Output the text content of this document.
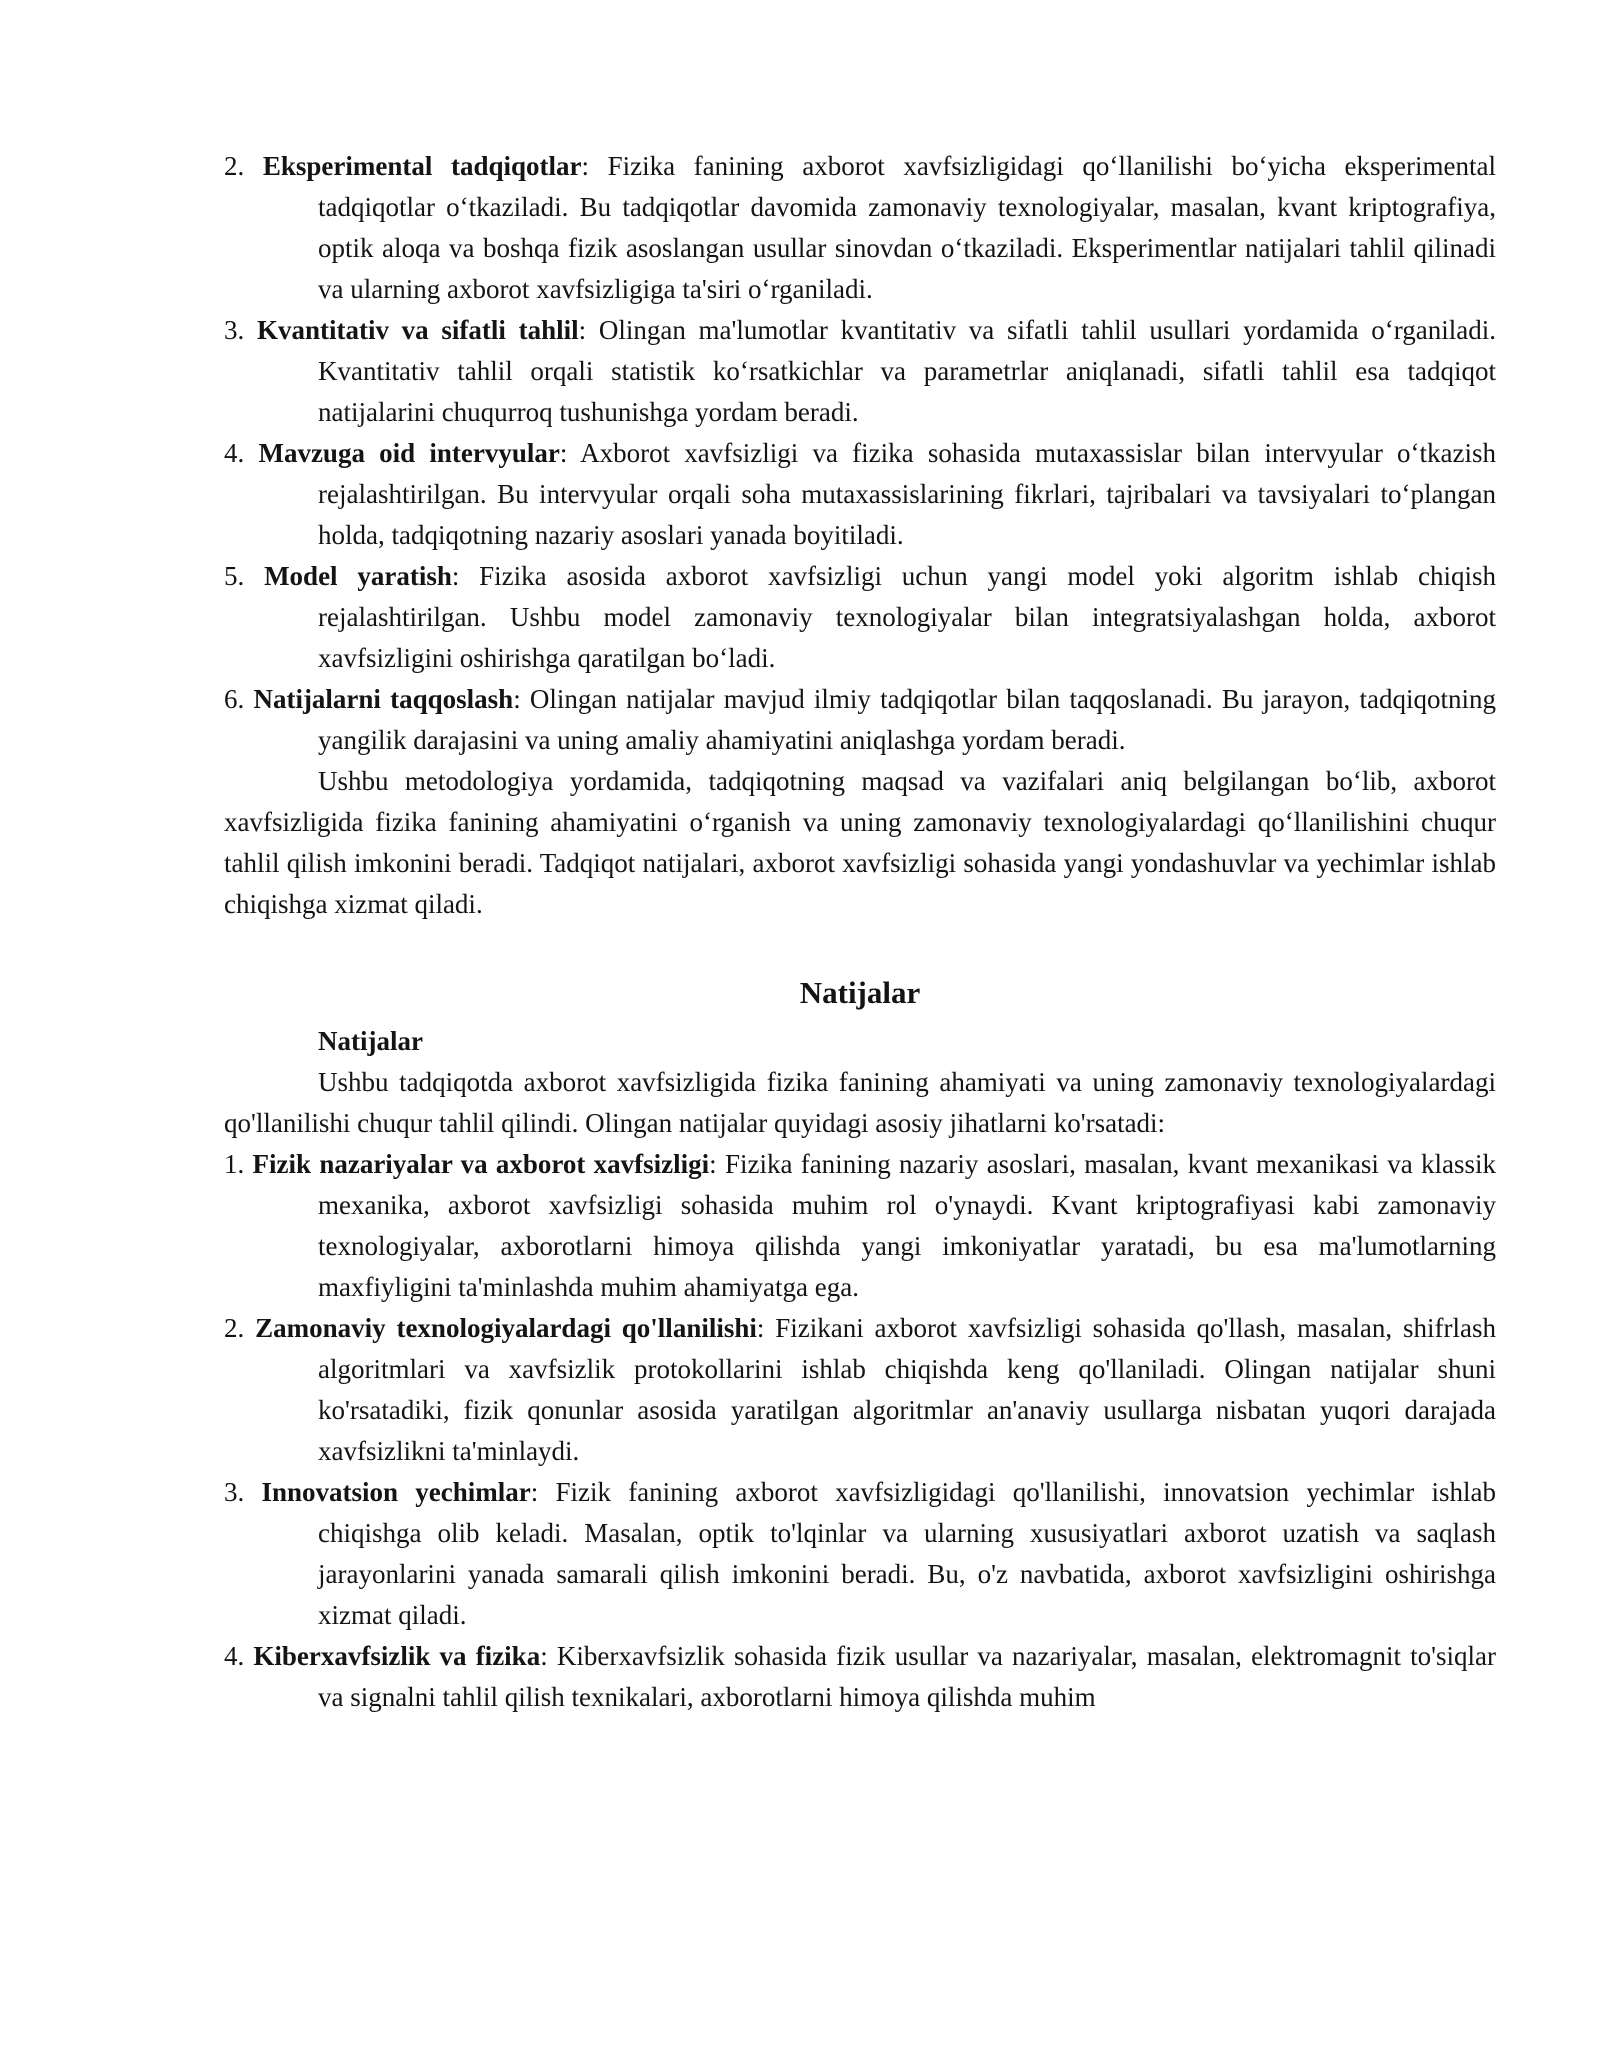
2. Eksperimental tadqiqotlar: Fizika fanining axborot xavfsizligidagi qo‘llanilishi bo‘yicha eksperimental tadqiqotlar o‘tkaziladi. Bu tadqiqotlar davomida zamonaviy texnologiyalar, masalan, kvant kriptografiya, optik aloqa va boshqa fizik asoslangan usullar sinovdan o‘tkaziladi. Eksperimentlar natijalari tahlil qilinadi va ularning axborot xavfsizligiga ta'siri o‘rganiladi.
3. Kvantitativ va sifatli tahlil: Olingan ma'lumotlar kvantitativ va sifatli tahlil usullari yordamida o‘rganiladi. Kvantitativ tahlil orqali statistik ko‘rsatkichlar va parametrlar aniqlanadi, sifatli tahlil esa tadqiqot natijalarini chuqurroq tushunishga yordam beradi.
4. Mavzuga oid intervyular: Axborot xavfsizligi va fizika sohasida mutaxassislar bilan intervyular o‘tkazish rejalashtirilgan. Bu intervyular orqali soha mutaxassislarining fikrlari, tajribalari va tavsiyalari to‘plangan holda, tadqiqotning nazariy asoslari yanada boyitiladi.
5. Model yaratish: Fizika asosida axborot xavfsizligi uchun yangi model yoki algoritm ishlab chiqish rejalashtirilgan. Ushbu model zamonaviy texnologiyalar bilan integratsiyalashgan holda, axborot xavfsizligini oshirishga qaratilgan bo‘ladi.
6. Natijalarni taqqoslash: Olingan natijalar mavjud ilmiy tadqiqotlar bilan taqqoslanadi. Bu jarayon, tadqiqotning yangilik darajasini va uning amaliy ahamiyatini aniqlashga yordam beradi.

Ushbu metodologiya yordamida, tadqiqotning maqsad va vazifalari aniq belgilangan bo‘lib, axborot xavfsizligida fizika fanining ahamiyatini o‘rganish va uning zamonaviy texnologiyalardagi qo‘llanilishini chuqur tahlil qilish imkonini beradi. Tadqiqot natijalari, axborot xavfsizligi sohasida yangi yondashuvlar va yechimlar ishlab chiqishga xizmat qiladi.

Natijalar
Natijalar

Ushbu tadqiqotda axborot xavfsizligida fizika fanining ahamiyati va uning zamonaviy texnologiyalardagi qo'llanilishi chuqur tahlil qilindi. Olingan natijalar quyidagi asosiy jihatlarni ko'rsatadi:

1. Fizik nazariyalar va axborot xavfsizligi: Fizika fanining nazariy asoslari, masalan, kvant mexanikasi va klassik mexanika, axborot xavfsizligi sohasida muhim rol o'ynaydi. Kvant kriptografiyasi kabi zamonaviy texnologiyalar, axborotlarni himoya qilishda yangi imkoniyatlar yaratadi, bu esa ma'lumotlarning maxfiyligini ta'minlashda muhim ahamiyatga ega.
2. Zamonaviy texnologiyalardagi qo'llanilishi: Fizikani axborot xavfsizligi sohasida qo'llash, masalan, shifrlash algoritmlari va xavfsizlik protokollarini ishlab chiqishda keng qo'llaniladi. Olingan natijalar shuni ko'rsatadiki, fizik qonunlar asosida yaratilgan algoritmlar an'anaviy usullarga nisbatan yuqori darajada xavfsizlikni ta'minlaydi.
3. Innovatsion yechimlar: Fizik fanining axborot xavfsizligidagi qo'llanilishi, innovatsion yechimlar ishlab chiqishga olib keladi. Masalan, optik to'lqinlar va ularning xususiyatlari axborot uzatish va saqlash jarayonlarini yanada samarali qilish imkonini beradi. Bu, o'z navbatida, axborot xavfsizligini oshirishga xizmat qiladi.
4. Kiberxavfsizlik va fizika: Kiberxavfsizlik sohasida fizik usullar va nazariyalar, masalan, elektromagnit to'siqlar va signalni tahlil qilish texnikalari, axborotlarni himoya qilishda muhim
